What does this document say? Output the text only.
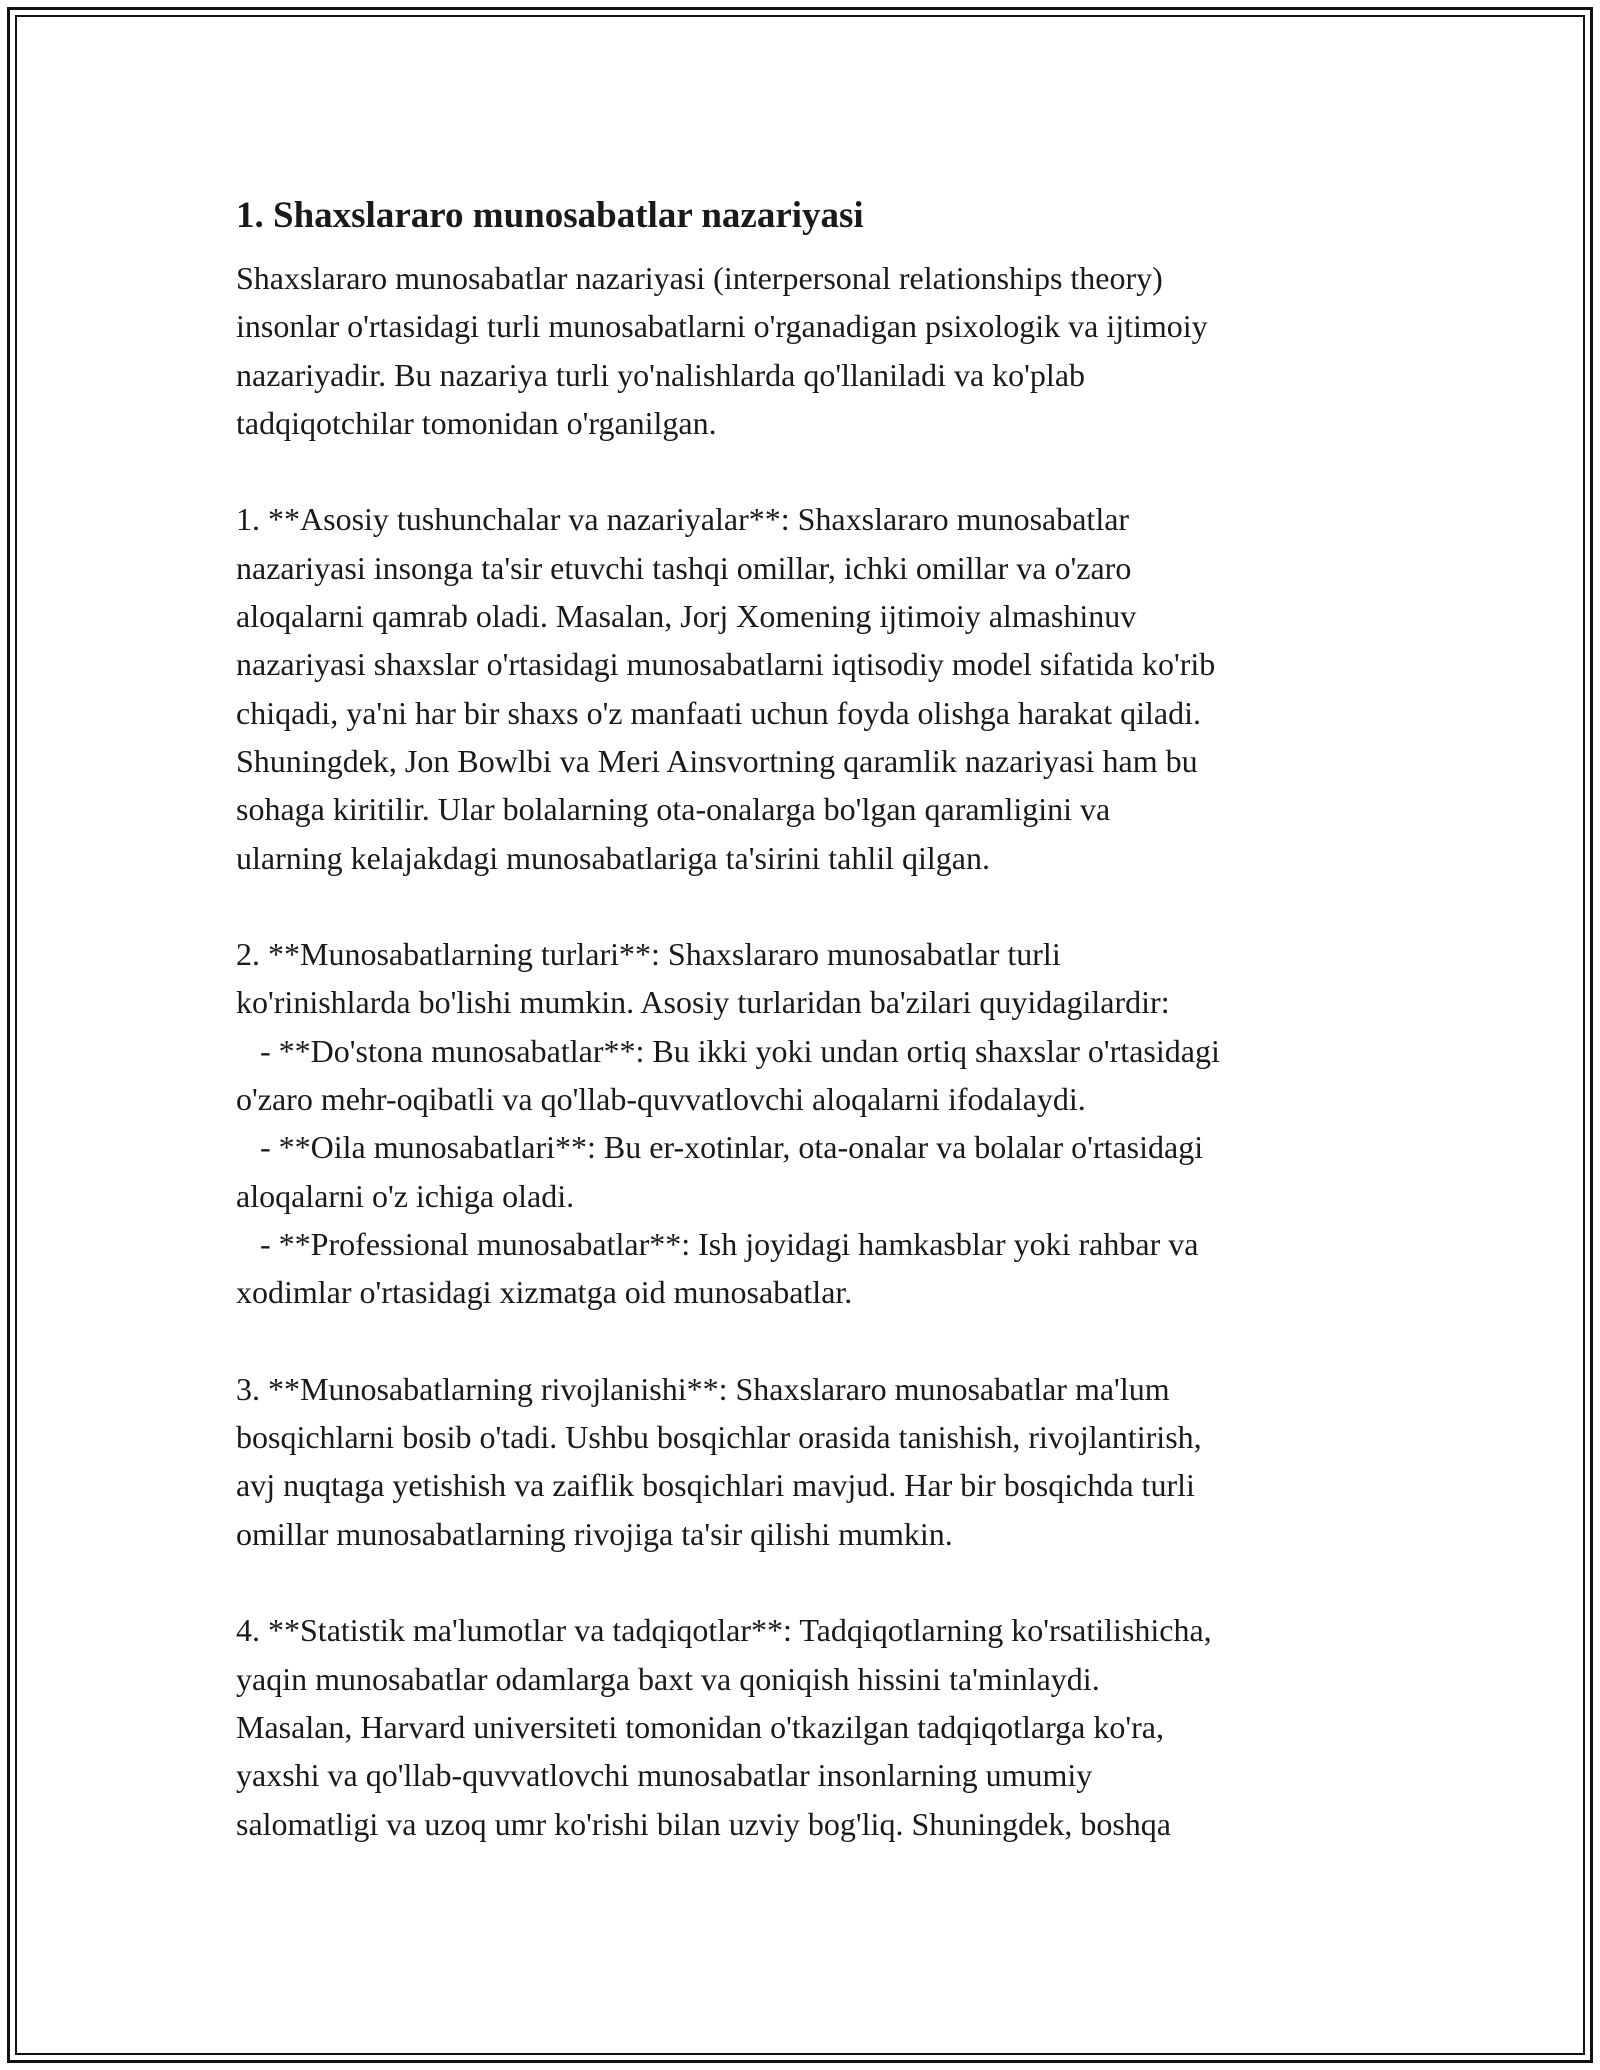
1. Shaxslararo munosabatlar nazariyasi
Shaxslararo munosabatlar nazariyasi (interpersonal relationships theory)
insonlar o'rtasidagi turli munosabatlarni o'rganadigan psixologik va ijtimoiy
nazariyadir. Bu nazariya turli yo'nalishlarda qo'llaniladi va ko'plab
tadqiqotchilar tomonidan o'rganilgan.
1. **Asosiy tushunchalar va nazariyalar**: Shaxslararo munosabatlar
nazariyasi insonga ta'sir etuvchi tashqi omillar, ichki omillar va o'zaro
aloqalarni qamrab oladi. Masalan, Jorj Xomening ijtimoiy almashinuv
nazariyasi shaxslar o'rtasidagi munosabatlarni iqtisodiy model sifatida ko'rib
chiqadi, ya'ni har bir shaxs o'z manfaati uchun foyda olishga harakat qiladi.
Shuningdek, Jon Bowlbi va Meri Ainsvortning qaramlik nazariyasi ham bu
sohaga kiritilir. Ular bolalarning ota-onalarga bo'lgan qaramligini va
ularning kelajakdagi munosabatlariga ta'sirini tahlil qilgan.
2. **Munosabatlarning turlari**: Shaxslararo munosabatlar turli
ko'rinishlarda bo'lishi mumkin. Asosiy turlaridan ba'zilari quyidagilardir:
- **Do'stona munosabatlar**: Bu ikki yoki undan ortiq shaxslar o'rtasidagi
o'zaro mehr-oqibatli va qo'llab-quvvatlovchi aloqalarni ifodalaydi.
- **Oila munosabatlari**: Bu er-xotinlar, ota-onalar va bolalar o'rtasidagi
aloqalarni o'z ichiga oladi.
- **Professional munosabatlar**: Ish joyidagi hamkasblar yoki rahbar va
xodimlar o'rtasidagi xizmatga oid munosabatlar.
3. **Munosabatlarning rivojlanishi**: Shaxslararo munosabatlar ma'lum
bosqichlarni bosib o'tadi. Ushbu bosqichlar orasida tanishish, rivojlantirish,
avj nuqtaga yetishish va zaiflik bosqichlari mavjud. Har bir bosqichda turli
omillar munosabatlarning rivojiga ta'sir qilishi mumkin.
4. **Statistik ma'lumotlar va tadqiqotlar**: Tadqiqotlarning ko'rsatilishicha,
yaqin munosabatlar odamlarga baxt va qoniqish hissini ta'minlaydi.
Masalan, Harvard universiteti tomonidan o'tkazilgan tadqiqotlarga ko'ra,
yaxshi va qo'llab-quvvatlovchi munosabatlar insonlarning umumiy
salomatligi va uzoq umr ko'rishi bilan uzviy bog'liq. Shuningdek, boshqa
